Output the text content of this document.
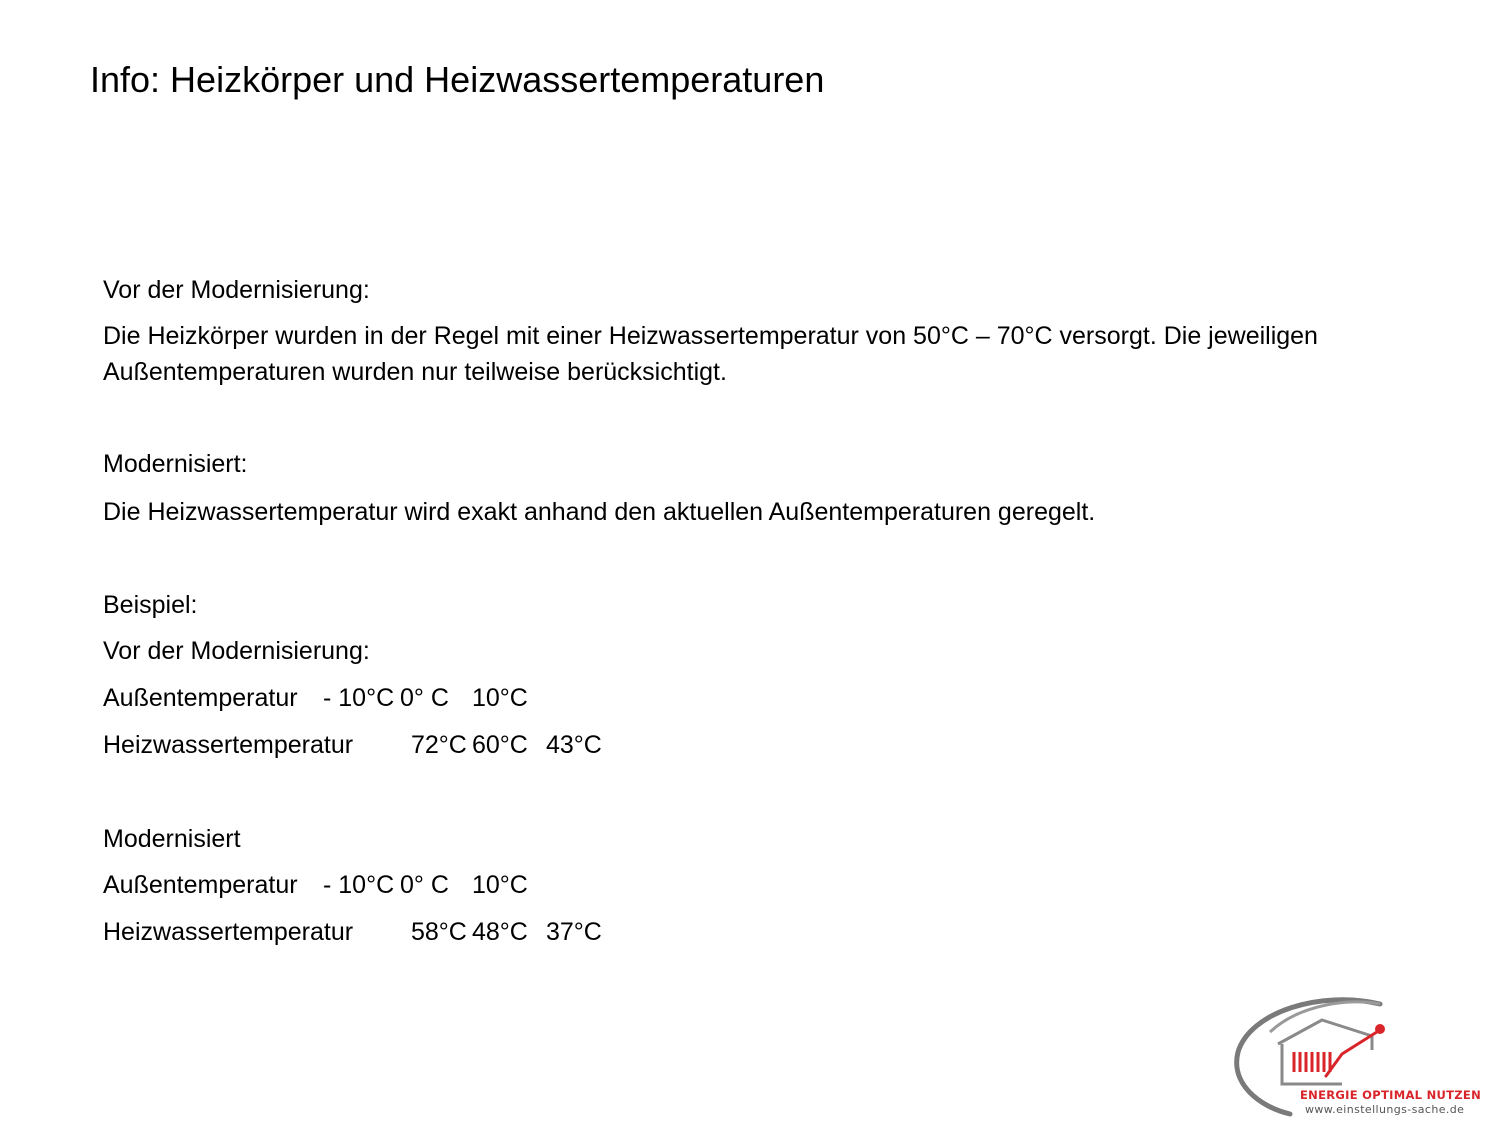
Info: Heizkörper und Heizwassertemperaturen
Vor der Modernisierung:
Die Heizkörper wurden in der Regel mit einer Heizwassertemperatur von 50°C – 70°C versorgt. Die jeweiligen
Außentemperaturen wurden nur teilweise berücksichtigt.
Modernisiert:
Die Heizwassertemperatur wird exakt anhand den aktuellen Außentemperaturen geregelt.
Beispiel:
Vor der Modernisierung:
Außentemperatur - 10°C 0° C 10°C
Heizwassertemperatur 72°C 60°C 43°C
Modernisiert
Außentemperatur - 10°C 0° C 10°C
Heizwassertemperatur 58°C 48°C 37°C
ENERGIE OPTIMAL NUTZEN
www.einstellungs-sache.de
